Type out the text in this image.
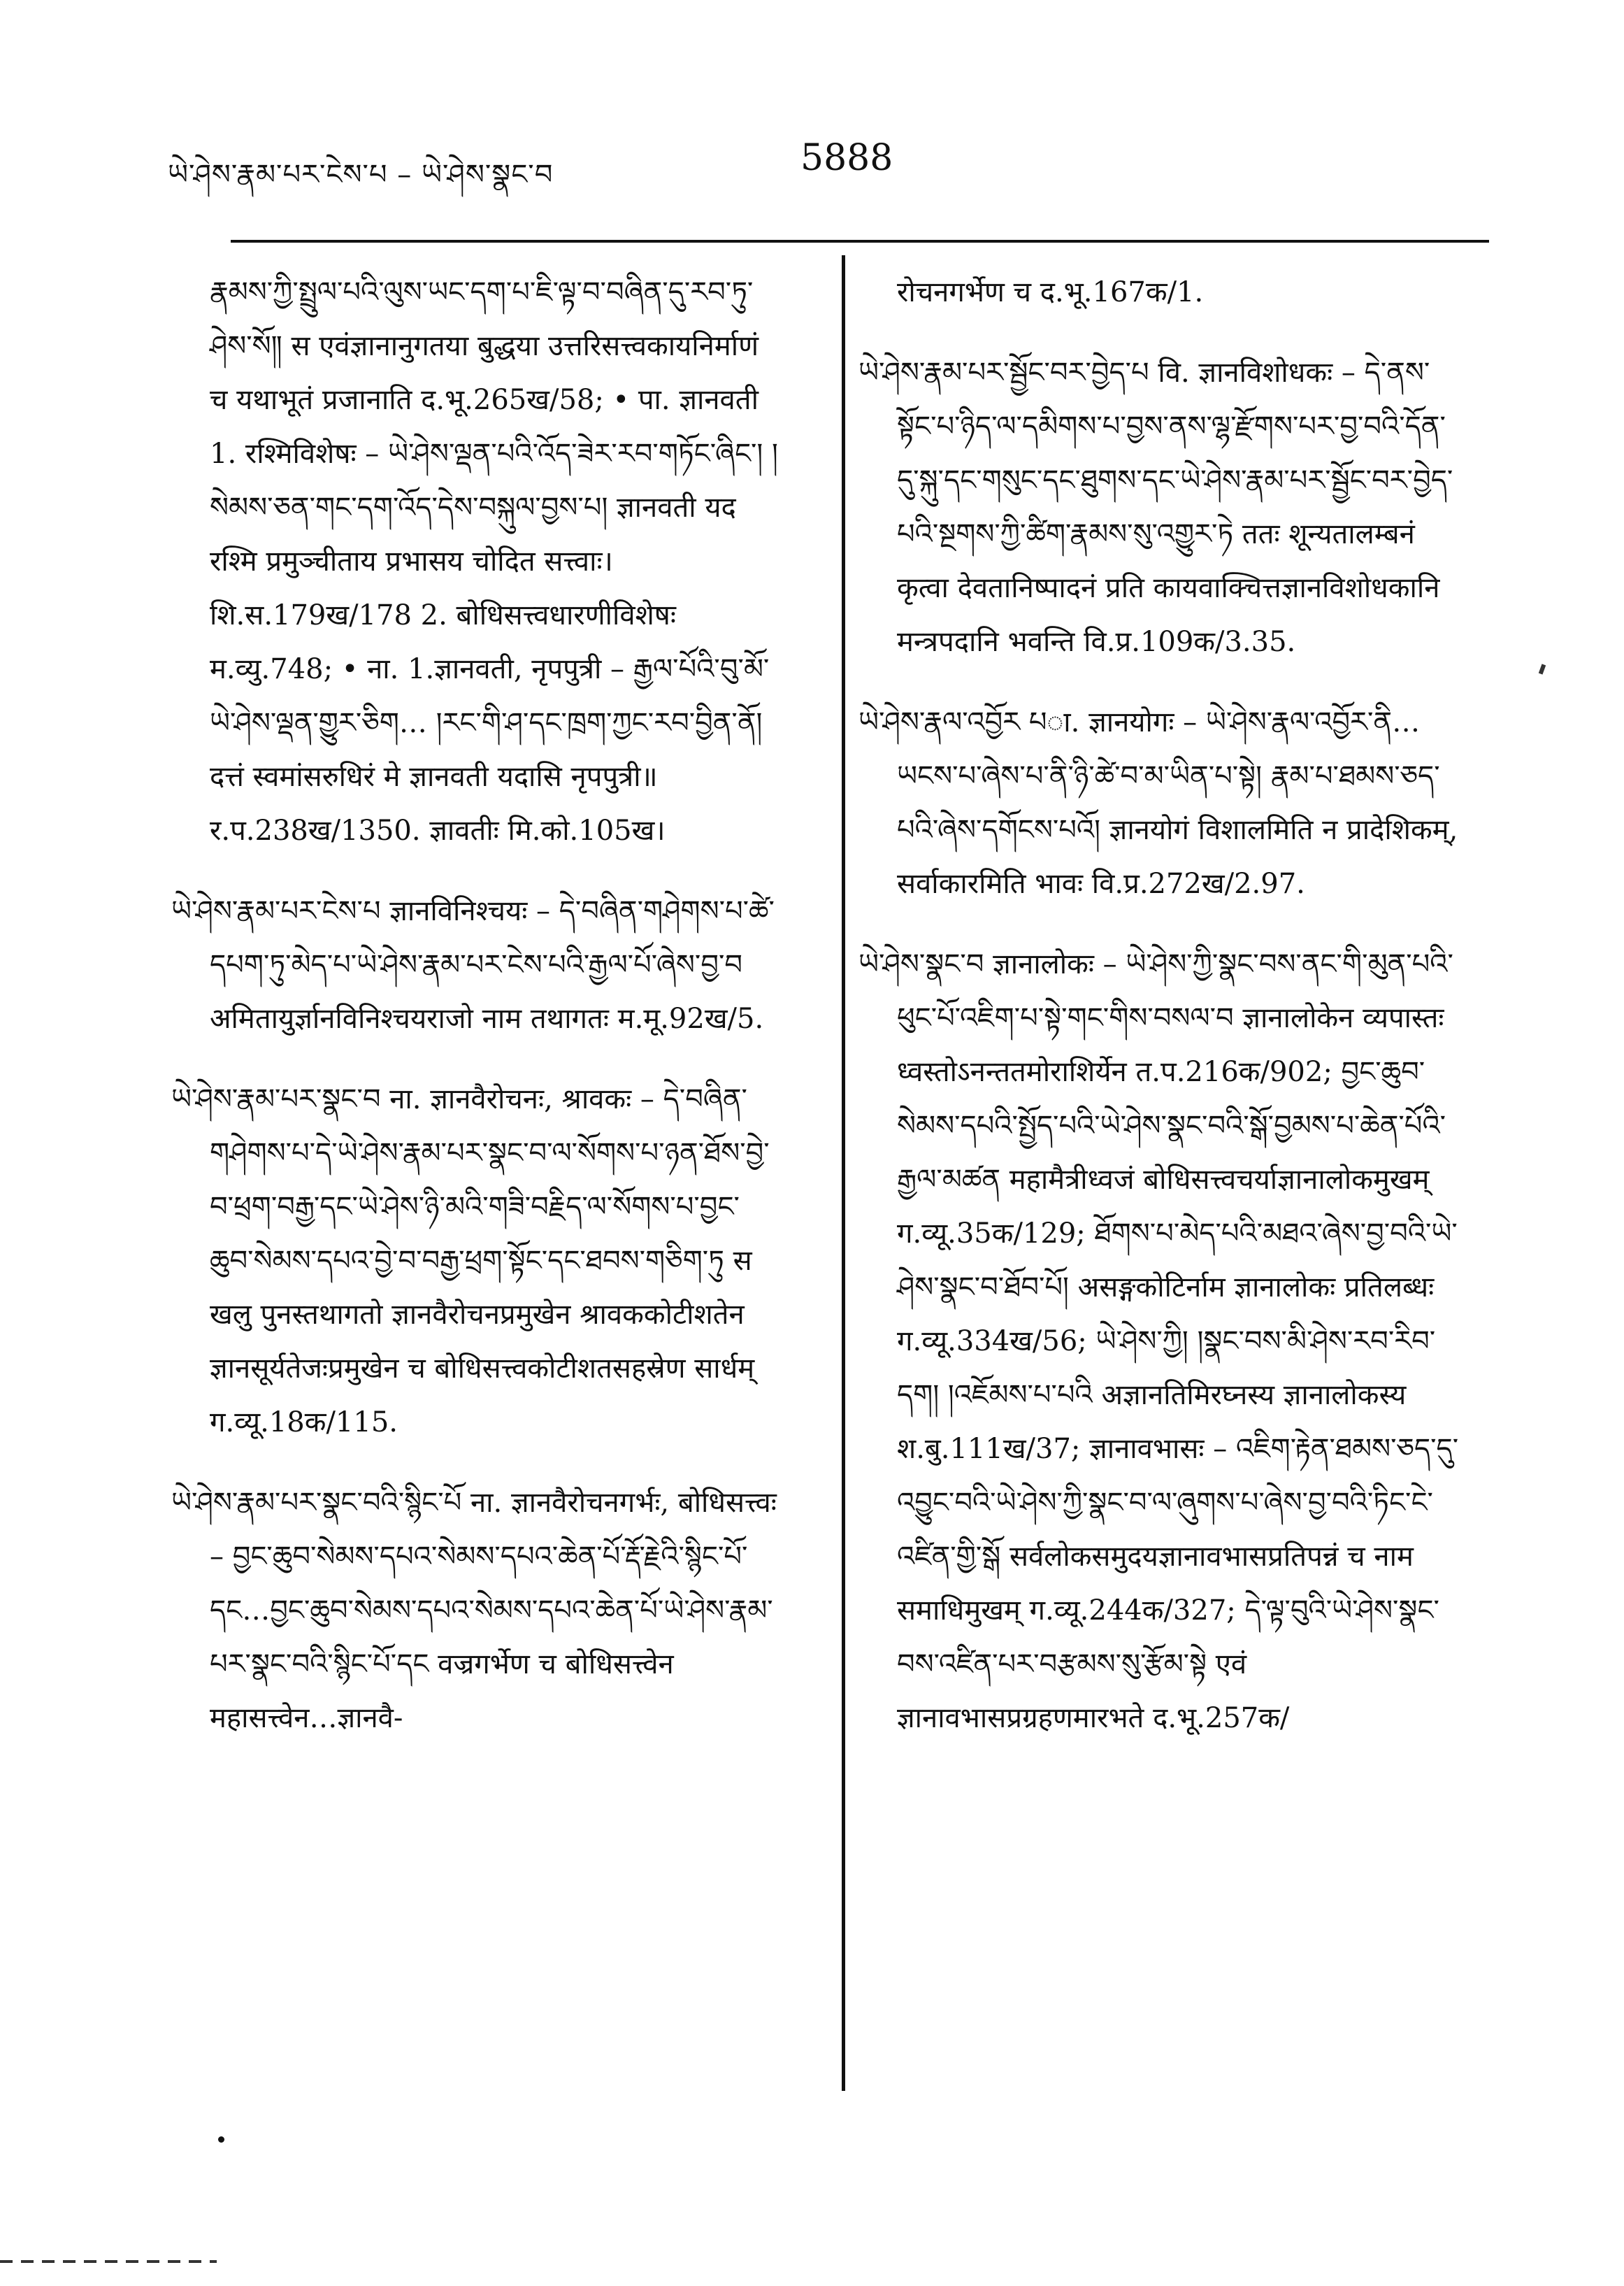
ཡེ་ཤེས་རྣམ་པར་ངེས་པ – ཡེ་ཤེས་སྣང་བ	5888

རྣམས་ཀྱི་སྤྲུལ་པའི་ལུས་ཡང་དག་པ་ཇི་ལྟ་བ་བཞིན་དུ་རབ་ཏུ་ཤེས་སོ༎ स एवंज्ञानानुगतया बुद्धया उत्तरिसत्त्वकायनिर्माणं च यथाभूतं प्रजानाति द.भू.265ख/58; • पा. ज्ञानवती 1. रश्मिविशेषः – ཡེ་ཤེས་ལྡན་པའི་འོད་ཟེར་རབ་གཏོང་ཞིང་། །སེམས་ཅན་གང་དག་འོད་དེས་བསྐུལ་བྱས་པ། ज्ञानवती यद रश्मि प्रमुञ्चीताय प्रभासय चोदित सत्त्वाः। शि.स.179ख/178 2. बोधिसत्त्वधारणीविशेषः म.व्यु.748; • ना. 1.ज्ञानवती, नृपपुत्री – རྒྱལ་པོའི་བུ་མོ་ཡེ་ཤེས་ལྡན་གྱུར་ཅིག… །རང་གི་ཤ་དང་ཁྲག་ཀྱང་རབ་བྱིན་ནོ། दत्तं स्वमांसरुधिरं मे ज्ञानवती यदासि नृपपुत्री॥ र.प.238ख/1350. ज्ञावतीः मि.को.105ख।

ཡེ་ཤེས་རྣམ་པར་ངེས་པ ज्ञानविनिश्चयः – དེ་བཞིན་གཤེགས་པ་ཚེ་དཔག་ཏུ་མེད་པ་ཡེ་ཤེས་རྣམ་པར་ངེས་པའི་རྒྱལ་པོ་ཞེས་བྱ་བ अमितायुर्ज्ञानविनिश्चयराजो नाम तथागतः म.मू.92ख/5.

ཡེ་ཤེས་རྣམ་པར་སྣང་བ ना. ज्ञानवैरोचनः, श्रावकः – དེ་བཞིན་གཤེགས་པ་དེ་ཡེ་ཤེས་རྣམ་པར་སྣང་བ་ལ་སོགས་པ་ཉན་ཐོས་བྱེ་བ་ཕྲག་བརྒྱ་དང་ཡེ་ཤེས་ཉི་མའི་གཟི་བརྗིད་ལ་སོགས་པ་བྱང་ཆུབ་སེམས་དཔའ་བྱེ་བ་བརྒྱ་ཕྲག་སྟོང་དང་ཐབས་གཅིག་ཏུ स खलु पुनस्तथागतो ज्ञानवैरोचनप्रमुखेन श्रावककोटीशतेन ज्ञानसूर्यतेजःप्रमुखेन च बोधिसत्त्वकोटीशतसहस्रेण सार्धम् ग.व्यू.18क/115.

ཡེ་ཤེས་རྣམ་པར་སྣང་བའི་སྙིང་པོ ना. ज्ञानवैरोचनगर्भः, बोधिसत्त्वः – བྱང་ཆུབ་སེམས་དཔའ་སེམས་དཔའ་ཆེན་པོ་རྡོ་རྗེའི་སྙིང་པོ་དང…བྱང་ཆུབ་སེམས་དཔའ་སེམས་དཔའ་ཆེན་པོ་ཡེ་ཤེས་རྣམ་པར་སྣང་བའི་སྙིང་པོ་དང वज्रगर्भेण च बोधिसत्त्वेन महासत्त्वेन…ज्ञानवै-

रोचनगर्भेण च द.भू.167क/1.

ཡེ་ཤེས་རྣམ་པར་སྦྱོང་བར་བྱེད་པ वि. ज्ञानविशोधकः – དེ་ནས་སྟོང་པ་ཉིད་ལ་དམིགས་པ་བྱས་ནས་ལྷ་རྫོགས་པར་བྱ་བའི་དོན་དུ་སྐུ་དང་གསུང་དང་ཐུགས་དང་ཡེ་ཤེས་རྣམ་པར་སྦྱོང་བར་བྱེད་པའི་སྔགས་ཀྱི་ཚིག་རྣམས་སུ་འགྱུར་ཏེ ततः शून्यतालम्बनं कृत्वा देवतानिष्पादनं प्रति कायवाक्चित्तज्ञानविशोधकानि मन्त्रपदानि भवन्ति वि.प्र.109क/3.35.

ཡེ་ཤེས་རྣལ་འབྱོར པा. ज्ञानयोगः – ཡེ་ཤེས་རྣལ་འབྱོར་ནི…ཡངས་པ་ཞེས་པ་ནི་ཉི་ཚེ་བ་མ་ཡིན་པ་སྟེ། རྣམ་པ་ཐམས་ཅད་པའི་ཞེས་དགོངས་པའོ། ज्ञानयोगं विशालमिति न प्रादेशिकम्, सर्वाकारमिति भावः वि.प्र.272ख/2.97.

ཡེ་ཤེས་སྣང་བ ज्ञानालोकः – ཡེ་ཤེས་ཀྱི་སྣང་བས་ནང་གི་མུན་པའི་ཕུང་པོ་འཇིག་པ་སྟེ་གང་གིས་བསལ་བ ज्ञानालोकेन व्यपास्तः ध्वस्तोऽनन्ततमोराशिर्येन त.प.216क/902; བྱང་ཆུབ་སེམས་དཔའི་སྤྱོད་པའི་ཡེ་ཤེས་སྣང་བའི་སྒོ་བྱམས་པ་ཆེན་པོའི་རྒྱལ་མཚན महामैत्रीध्वजं बोधिसत्त्वचर्याज्ञानालोकमुखम् ग.व्यू.35क/129; ཐོགས་པ་མེད་པའི་མཐའ་ཞེས་བྱ་བའི་ཡེ་ཤེས་སྣང་བ་ཐོབ་པོ། असङ्गकोटिर्नाम ज्ञानालोकः प्रतिलब्धः ग.व्यू.334ख/56; ཡེ་ཤེས་ཀྱི། །སྣང་བས་མི་ཤེས་རབ་རིབ་དག། །འཇོམས་པ་པའི अज्ञानतिमिरघ्नस्य ज्ञानालोकस्य श.बु.111ख/37; ज्ञानावभासः – འཇིག་རྟེན་ཐམས་ཅད་དུ་འབྱུང་བའི་ཡེ་ཤེས་ཀྱི་སྣང་བ་ལ་ཞུགས་པ་ཞེས་བྱ་བའི་ཏིང་ངེ་འཛིན་གྱི་སྒོ सर्वलोकसमुदयज्ञानावभासप्रतिपन्नं च नाम समाधिमुखम् ग.व्यू.244क/327; དེ་ལྟ་བུའི་ཡེ་ཤེས་སྣང་བས་འཛིན་པར་བརྩམས་སུ་རྩོམ་སྟེ एवं ज्ञानावभासप्रग्रहणमारभते द.भू.257क/
